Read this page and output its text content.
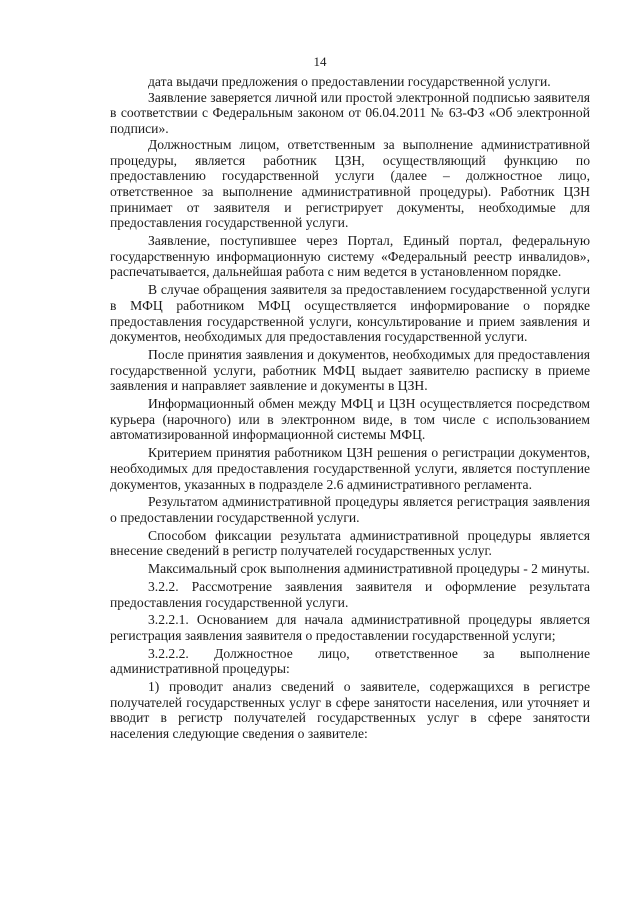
14

дата выдачи предложения о предоставлении государственной услуги.

Заявление заверяется личной или простой электронной подписью заявителя в соответствии с Федеральным законом от 06.04.2011 № 63-ФЗ «Об электронной подписи».

Должностным лицом, ответственным за выполнение административной процедуры, является работник ЦЗН, осуществляющий функцию по предоставлению государственной услуги (далее – должностное лицо, ответственное за выполнение административной процедуры). Работник ЦЗН принимает от заявителя и регистрирует документы, необходимые для предоставления государственной услуги.

Заявление, поступившее через Портал, Единый портал, федеральную государственную информационную систему «Федеральный реестр инвалидов», распечатывается, дальнейшая работа с ним ведется в установленном порядке.

В случае обращения заявителя за предоставлением государственной услуги в МФЦ работником МФЦ осуществляется информирование о порядке предоставления государственной услуги, консультирование и прием заявления и документов, необходимых для предоставления государственной услуги.

После принятия заявления и документов, необходимых для предоставления государственной услуги, работник МФЦ выдает заявителю расписку в приеме заявления и направляет заявление и документы в ЦЗН.

Информационный обмен между МФЦ и ЦЗН осуществляется посредством курьера (нарочного) или в электронном виде, в том числе с использованием автоматизированной информационной системы МФЦ.

Критерием принятия работником ЦЗН решения о регистрации документов, необходимых для предоставления государственной услуги, является поступление документов, указанных в подразделе 2.6 административного регламента.

Результатом административной процедуры является регистрация заявления о предоставлении государственной услуги.

Способом фиксации результата административной процедуры является внесение сведений в регистр получателей государственных услуг.

Максимальный срок выполнения административной процедуры - 2 минуты.

3.2.2. Рассмотрение заявления заявителя и оформление результата предоставления государственной услуги.

3.2.2.1. Основанием для начала административной процедуры является регистрация заявления заявителя о предоставлении государственной услуги;

3.2.2.2. Должностное лицо, ответственное за выполнение административной процедуры:

1) проводит анализ сведений о заявителе, содержащихся в регистре получателей государственных услуг в сфере занятости населения, или уточняет и вводит в регистр получателей государственных услуг в сфере занятости населения следующие сведения о заявителе:
